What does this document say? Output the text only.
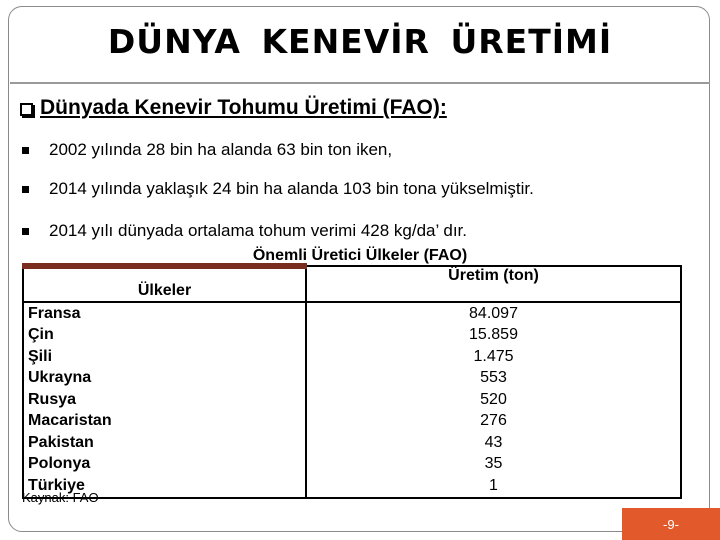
DÜNYA KENEVİR ÜRETİMİ
Dünyada Kenevir Tohumu Üretimi (FAO):
2002 yılında 28 bin ha alanda 63 bin ton iken,
2014 yılında yaklaşık 24 bin ha alanda 103 bin tona yükselmiştir.
2014 yılı dünyada ortalama tohum verimi 428 kg/da’ dır.
Önemli Üretici Ülkeler (FAO)
Ülkeler	Üretim (ton)
Fransa	84.097
Çin	15.859
Şili	1.475
Ukrayna	553
Rusya	520
Macaristan	276
Pakistan	43
Polonya	35
Türkiye	1
Kaynak: FAO
-9-
